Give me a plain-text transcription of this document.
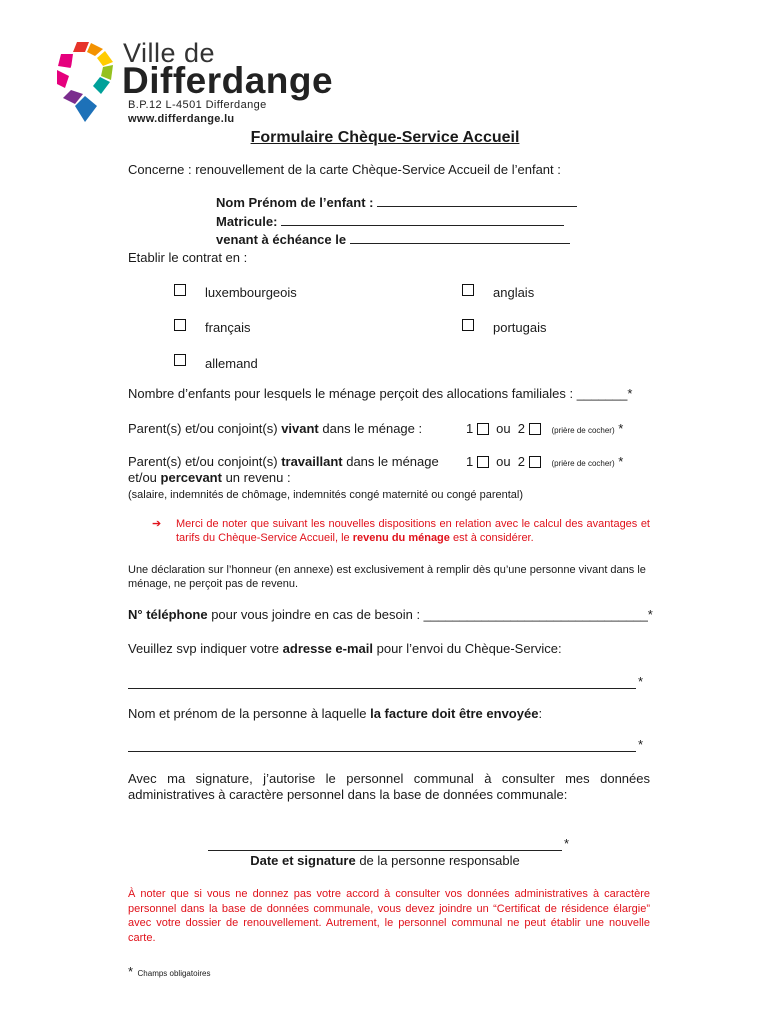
Ville de
Differdange
B.P.12 L-4501 Differdange
www.differdange.lu
Formulaire Chèque-Service Accueil
Concerne : renouvellement de la carte Chèque-Service Accueil de l’enfant :
Nom Prénom de l’enfant :
Matricule:
venant à échéance le
Etablir le contrat en :
luxembourgeois	anglais
français	portugais
allemand
Nombre d’enfants pour lesquels le ménage perçoit des allocations familiales : _______*
Parent(s) et/ou conjoint(s) vivant dans le ménage :	1 ou 2	(prière de cocher) *
Parent(s) et/ou conjoint(s) travaillant dans le ménage 1 ou 2	(prière de cocher) *
et/ou percevant un revenu :
(salaire, indemnités de chômage, indemnités congé maternité ou congé parental)
➔ Merci de noter que suivant les nouvelles dispositions en relation avec le calcul des avantages et tarifs du Chèque-Service Accueil, le revenu du ménage est à considérer.
Une déclaration sur l’honneur (en annexe) est exclusivement à remplir dès qu’une personne vivant dans le ménage, ne perçoit pas de revenu.
N° téléphone pour vous joindre en cas de besoin : _______________________________*
Veuillez svp indiquer votre adresse e-mail pour l’envoi du Chèque-Service:
*
Nom et prénom de la personne à laquelle la facture doit être envoyée:
*
Avec ma signature, j’autorise le personnel communal à consulter mes données administratives à caractère personnel dans la base de données communale:
*
Date et signature de la personne responsable
À noter que si vous ne donnez pas votre accord à consulter vos données administratives à caractère personnel dans la base de données communale, vous devez joindre un “Certificat de résidence élargie” avec votre dossier de renouvellement. Autrement, le personnel communal ne peut établir une nouvelle carte.
* Champs obligatoires
